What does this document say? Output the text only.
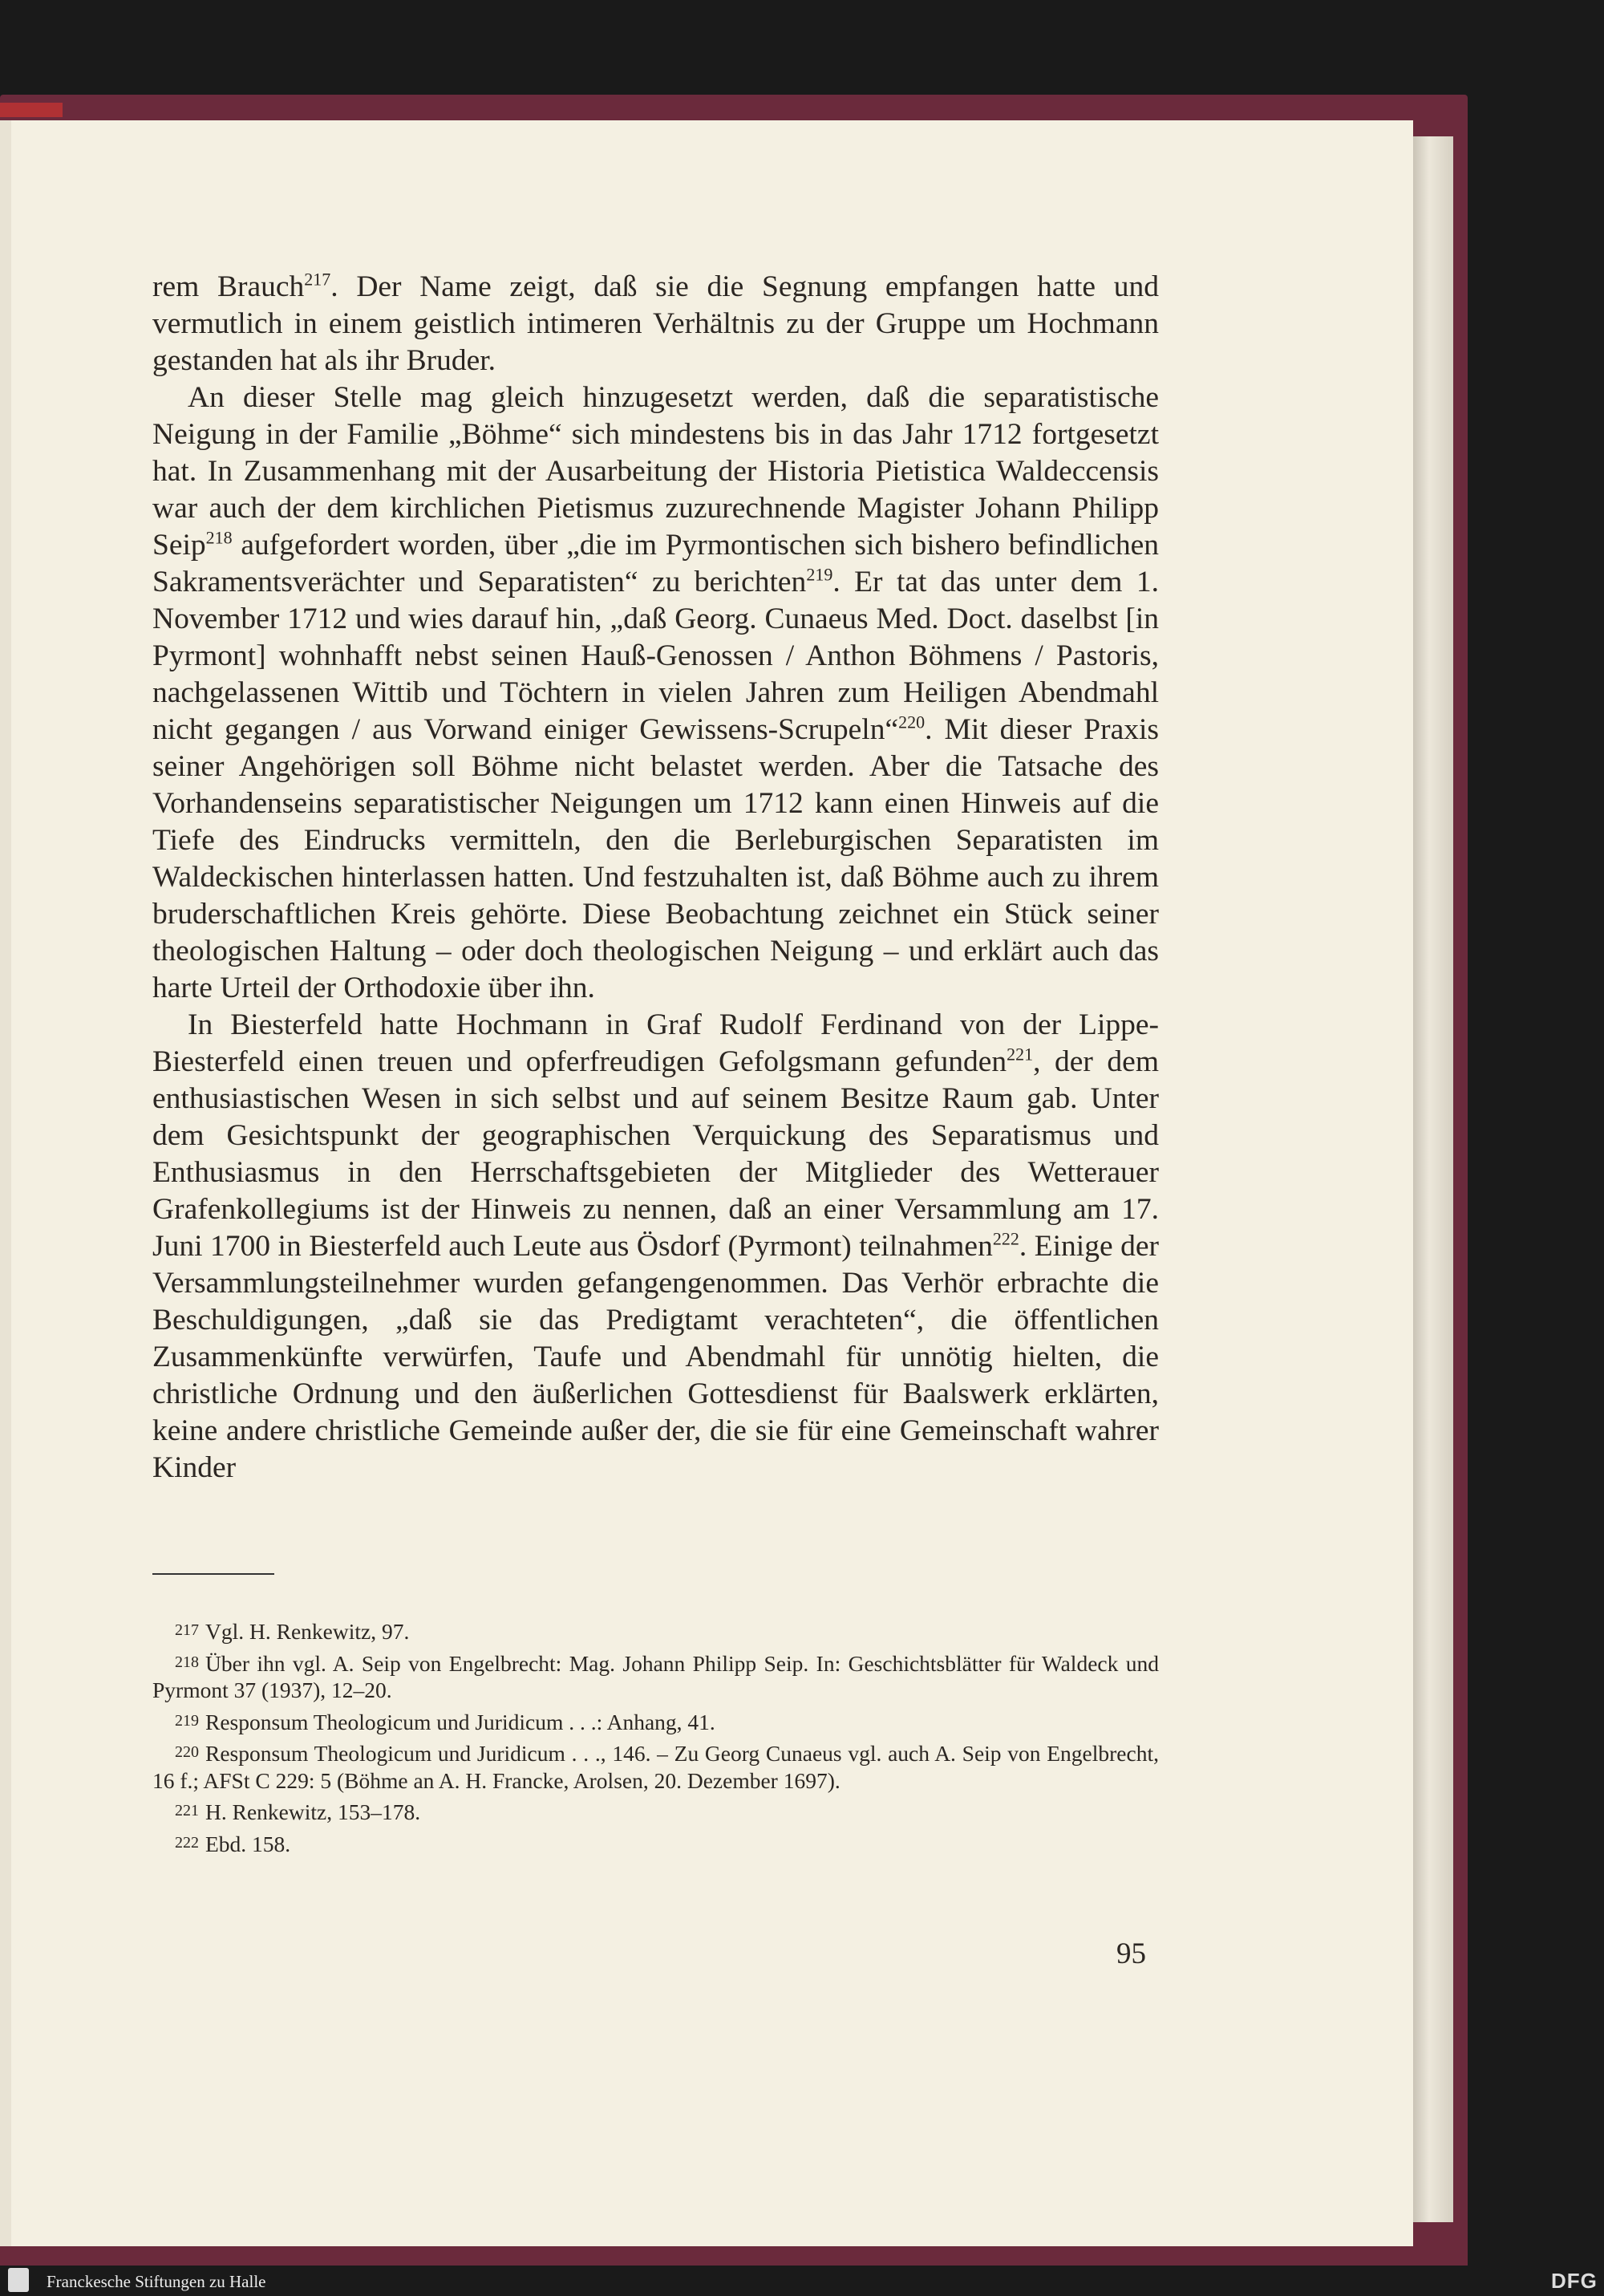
rem Brauch$^{217}$. Der Name zeigt, daß sie die Segnung empfangen hatte und vermutlich in einem geistlich intimeren Verhältnis zu der Gruppe um Hochmann gestanden hat als ihr Bruder.

An dieser Stelle mag gleich hinzugesetzt werden, daß die separatistische Neigung in der Familie „Böhme“ sich mindestens bis in das Jahr 1712 fortgesetzt hat. In Zusammenhang mit der Ausarbeitung der Historia Pietistica Waldeccensis war auch der dem kirchlichen Pietismus zuzurechnende Magister Johann Philipp Seip$^{218}$ aufgefordert worden, über „die im Pyrmontischen sich bishero befindlichen Sakramentsverächter und Separatisten“ zu berichten$^{219}$. Er tat das unter dem 1. November 1712 und wies darauf hin, „daß Georg. Cunaeus Med. Doct. daselbst [in Pyrmont] wohnhafft nebst seinen Hauß-Genossen / Anthon Böhmens / Pastoris, nachgelassenen Wittib und Töchtern in vielen Jahren zum Heiligen Abendmahl nicht gegangen / aus Vorwand einiger Gewissens-Scrupeln“$^{220}$. Mit dieser Praxis seiner Angehörigen soll Böhme nicht belastet werden. Aber die Tatsache des Vorhandenseins separatistischer Neigungen um 1712 kann einen Hinweis auf die Tiefe des Eindrucks vermitteln, den die Berleburgischen Separatisten im Waldeckischen hinterlassen hatten. Und festzuhalten ist, daß Böhme auch zu ihrem bruderschaftlichen Kreis gehörte. Diese Beobachtung zeichnet ein Stück seiner theologischen Haltung – oder doch theologischen Neigung – und erklärt auch das harte Urteil der Orthodoxie über ihn.

In Biesterfeld hatte Hochmann in Graf Rudolf Ferdinand von der Lippe-Biesterfeld einen treuen und opferfreudigen Gefolgsmann gefunden$^{221}$, der dem enthusiastischen Wesen in sich selbst und auf seinem Besitze Raum gab. Unter dem Gesichtspunkt der geographischen Verquickung des Separatismus und Enthusiasmus in den Herrschaftsgebieten der Mitglieder des Wetterauer Grafenkollegiums ist der Hinweis zu nennen, daß an einer Versammlung am 17. Juni 1700 in Biesterfeld auch Leute aus Ösdorf (Pyrmont) teilnahmen$^{222}$. Einige der Versammlungsteilnehmer wurden gefangengenommen. Das Verhör erbrachte die Beschuldigungen, „daß sie das Predigtamt verachteten“, die öffentlichen Zusammenkünfte verwürfen, Taufe und Abendmahl für unnötig hielten, die christliche Ordnung und den äußerlichen Gottesdienst für Baalswerk erklärten, keine andere christliche Gemeinde außer der, die sie für eine Gemeinschaft wahrer Kinder

217 Vgl. H. Renkewitz, 97.
218 Über ihn vgl. A. Seip von Engelbrecht: Mag. Johann Philipp Seip. In: Geschichtsblätter für Waldeck und Pyrmont 37 (1937), 12–20.
219 Responsum Theologicum und Juridicum . . .: Anhang, 41.
220 Responsum Theologicum und Juridicum . . ., 146. – Zu Georg Cunaeus vgl. auch A. Seip von Engelbrecht, 16 f.; AFSt C 229: 5 (Böhme an A. H. Francke, Arolsen, 20. Dezember 1697).
221 H. Renkewitz, 153–178.
222 Ebd. 158.
95
Franckesche Stiftungen zu Halle	DFG
